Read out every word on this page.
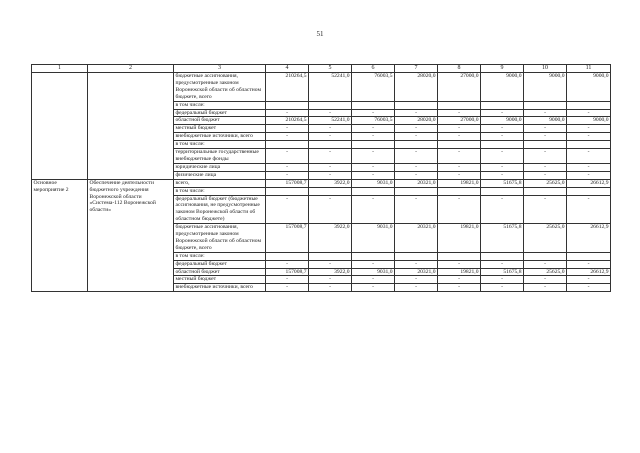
51
1	2	3	4	5	6	7	8	9	10	11
		бюджетные ассигнования, предусмотренные законом Воронежской области об областном бюджете, всего	210264,5	52241,0	76003,5	28020,0	27000,0	9000,0	9000,0	9000,0
		в том числе:								
		федеральный бюджет	-	-	-	-	-	-	-	-
		областной бюджет	210264,5	52241,0	76003,5	28020,0	27000,0	9000,0	9000,0	9000,0
		местный бюджет	-	-	-	-	-	-	-	-
		внебюджетные источники, всего	-	-	-	-	-	-	-	-
		в том числе:								
		территориальные государственные внебюджетные фонды	-	-	-	-	-	-	-	-
		юридические лица	-	-	-	-	-	-	-	-
		физические лица	-	-	-	-	-	-	-	-
Основное мероприятие 2	Обеспечение деятельности бюджетного учреждения Воронежской области «Система-112 Воронежской области»	всего,	157008,7	3922,0	9031,0	20321,0	19821,0	51675,8	25625,0	26612,9
		в том числе:								
		федеральный бюджет (бюджетные ассигнования, не предусмотренные законом Воронежской области об областном бюджете)	-	-	-	-	-	-	-	-
		бюджетные ассигнования, предусмотренные законом Воронежской области об областном бюджете, всего	157008,7	3922,0	9031,0	20321,0	19821,0	51675,8	25625,0	26612,9
		в том числе:								
		федеральный бюджет	-	-	-	-	-	-	-	-
		областной бюджет	157008,7	3922,0	9031,0	20321,0	19821,0	51675,8	25625,0	26612,9
		местный бюджет	-	-	-	-	-	-	-	-
		внебюджетные источники, всего	-	-	-	-	-	-	-	-
